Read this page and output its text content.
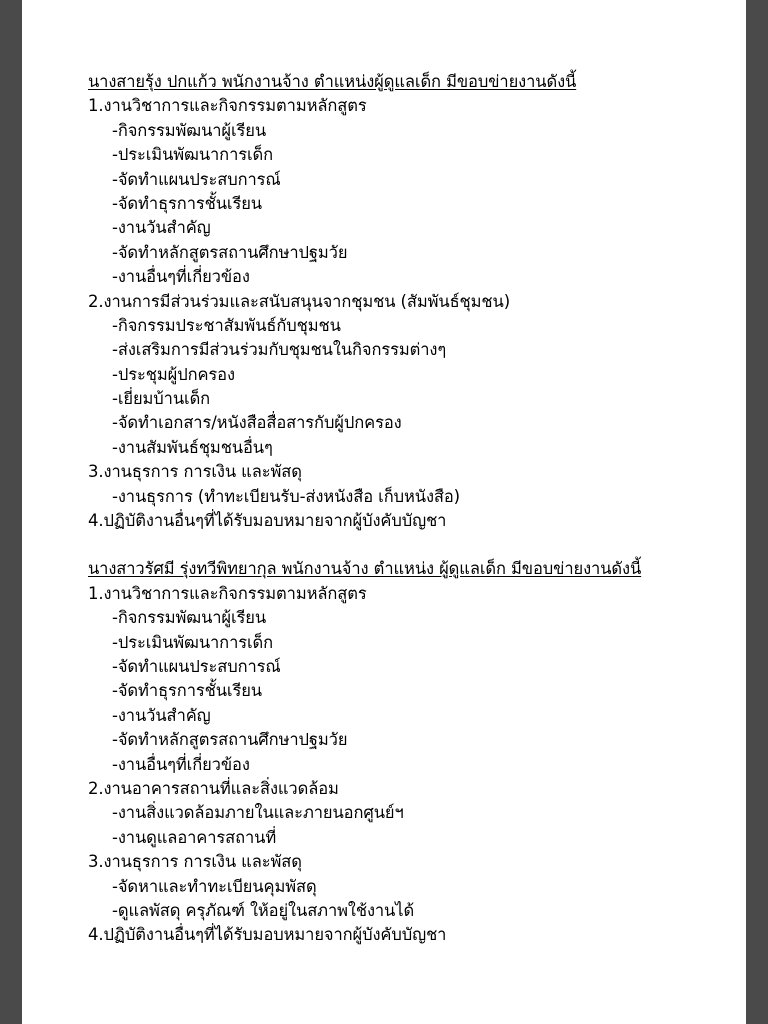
นางสายรุ้ง ปกแก้ว พนักงานจ้าง ตำแหน่งผู้ดูแลเด็ก มีขอบข่ายงานดังนี้
1.งานวิชาการและกิจกรรมตามหลักสูตร
-กิจกรรมพัฒนาผู้เรียน
-ประเมินพัฒนาการเด็ก
-จัดทำแผนประสบการณ์
-จัดทำธุรการชั้นเรียน
-งานวันสำคัญ
-จัดทำหลักสูตรสถานศึกษาปฐมวัย
-งานอื่นๆที่เกี่ยวข้อง
2.งานการมีส่วนร่วมและสนับสนุนจากชุมชน (สัมพันธ์ชุมชน)
-กิจกรรมประชาสัมพันธ์กับชุมชน
-ส่งเสริมการมีส่วนร่วมกับชุมชนในกิจกรรมต่างๆ
-ประชุมผู้ปกครอง
-เยี่ยมบ้านเด็ก
-จัดทำเอกสาร/หนังสือสื่อสารกับผู้ปกครอง
-งานสัมพันธ์ชุมชนอื่นๆ
3.งานธุรการ การเงิน และพัสดุ
-งานธุรการ (ทำทะเบียนรับ-ส่งหนังสือ เก็บหนังสือ)
4.ปฏิบัติงานอื่นๆที่ได้รับมอบหมายจากผู้บังคับบัญชา
นางสาวรัศมี รุ่งทวีพิทยากุล พนักงานจ้าง ตำแหน่ง ผู้ดูแลเด็ก มีขอบข่ายงานดังนี้
1.งานวิชาการและกิจกรรมตามหลักสูตร
-กิจกรรมพัฒนาผู้เรียน
-ประเมินพัฒนาการเด็ก
-จัดทำแผนประสบการณ์
-จัดทำธุรการชั้นเรียน
-งานวันสำคัญ
-จัดทำหลักสูตรสถานศึกษาปฐมวัย
-งานอื่นๆที่เกี่ยวข้อง
2.งานอาคารสถานที่และสิ่งแวดล้อม
-งานสิ่งแวดล้อมภายในและภายนอกศูนย์ฯ
-งานดูแลอาคารสถานที่
3.งานธุรการ การเงิน และพัสดุ
-จัดหาและทำทะเบียนคุมพัสดุ
-ดูแลพัสดุ ครุภัณฑ์ ให้อยู่ในสภาพใช้งานได้
4.ปฏิบัติงานอื่นๆที่ได้รับมอบหมายจากผู้บังคับบัญชา
